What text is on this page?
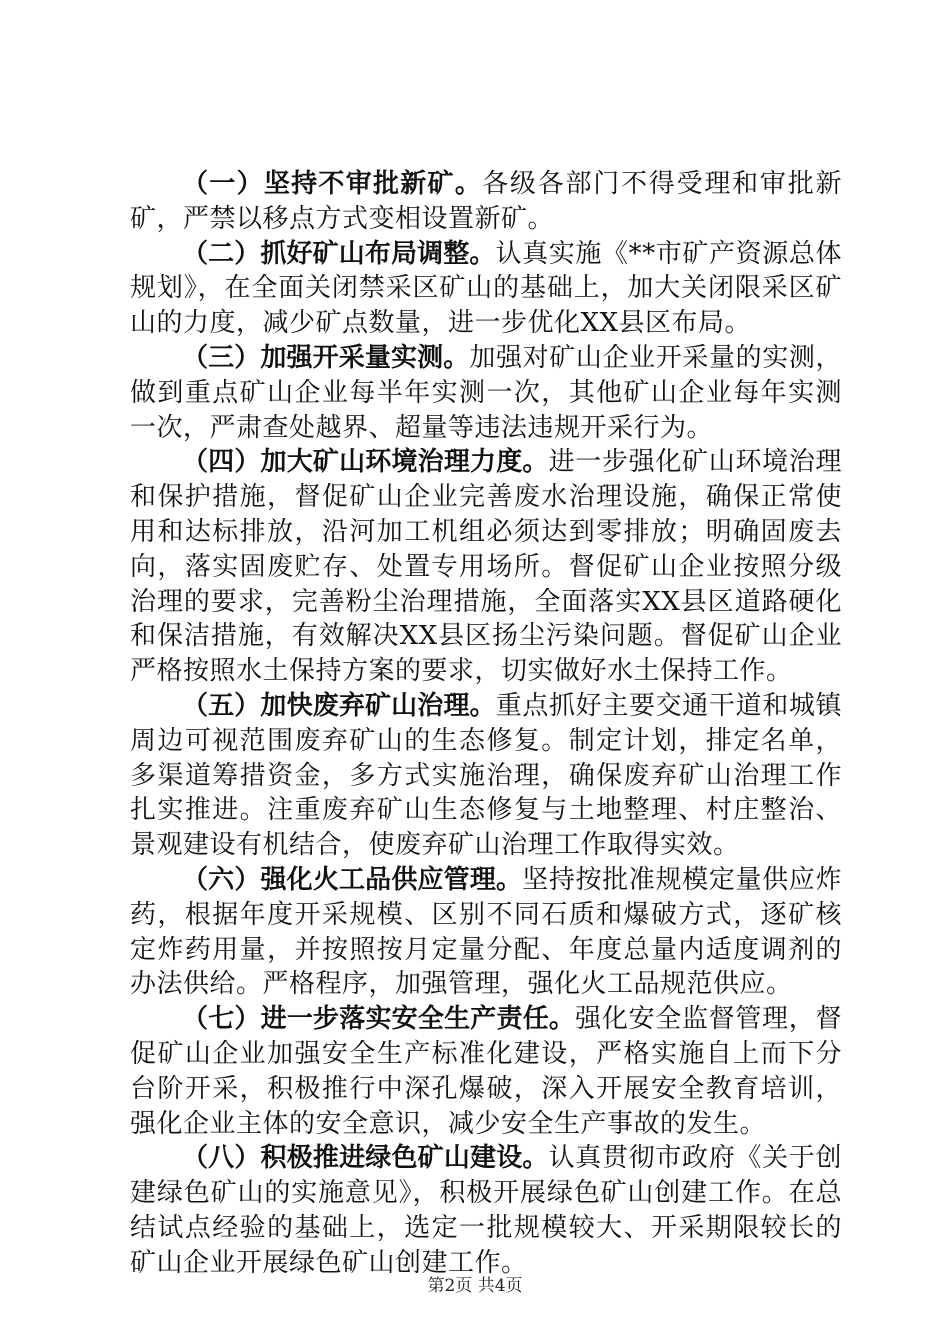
（一）坚持不审批新矿。各级各部门不得受理和审批新矿，严禁以移点方式变相设置新矿。

（二）抓好矿山布局调整。认真实施《**市矿产资源总体规划》，在全面关闭禁采区矿山的基础上，加大关闭限采区矿山的力度，减少矿点数量，进一步优化XX县区布局。

（三）加强开采量实测。加强对矿山企业开采量的实测，做到重点矿山企业每半年实测一次，其他矿山企业每年实测一次，严肃查处越界、超量等违法违规开采行为。

（四）加大矿山环境治理力度。进一步强化矿山环境治理和保护措施，督促矿山企业完善废水治理设施，确保正常使用和达标排放，沿河加工机组必须达到零排放；明确固废去向，落实固废贮存、处置专用场所。督促矿山企业按照分级治理的要求，完善粉尘治理措施，全面落实XX县区道路硬化和保洁措施，有效解决XX县区扬尘污染问题。督促矿山企业严格按照水土保持方案的要求，切实做好水土保持工作。

（五）加快废弃矿山治理。重点抓好主要交通干道和城镇周边可视范围废弃矿山的生态修复。制定计划，排定名单，多渠道筹措资金，多方式实施治理，确保废弃矿山治理工作扎实推进。注重废弃矿山生态修复与土地整理、村庄整治、景观建设有机结合，使废弃矿山治理工作取得实效。

（六）强化火工品供应管理。坚持按批准规模定量供应炸药，根据年度开采规模、区别不同石质和爆破方式，逐矿核定炸药用量，并按照按月定量分配、年度总量内适度调剂的办法供给。严格程序，加强管理，强化火工品规范供应。

（七）进一步落实安全生产责任。强化安全监督管理，督促矿山企业加强安全生产标准化建设，严格实施自上而下分台阶开采，积极推行中深孔爆破，深入开展安全教育培训，强化企业主体的安全意识，减少安全生产事故的发生。

（八）积极推进绿色矿山建设。认真贯彻市政府《关于创建绿色矿山的实施意见》，积极开展绿色矿山创建工作。在总结试点经验的基础上，选定一批规模较大、开采期限较长的矿山企业开展绿色矿山创建工作。

第2页 共4页
